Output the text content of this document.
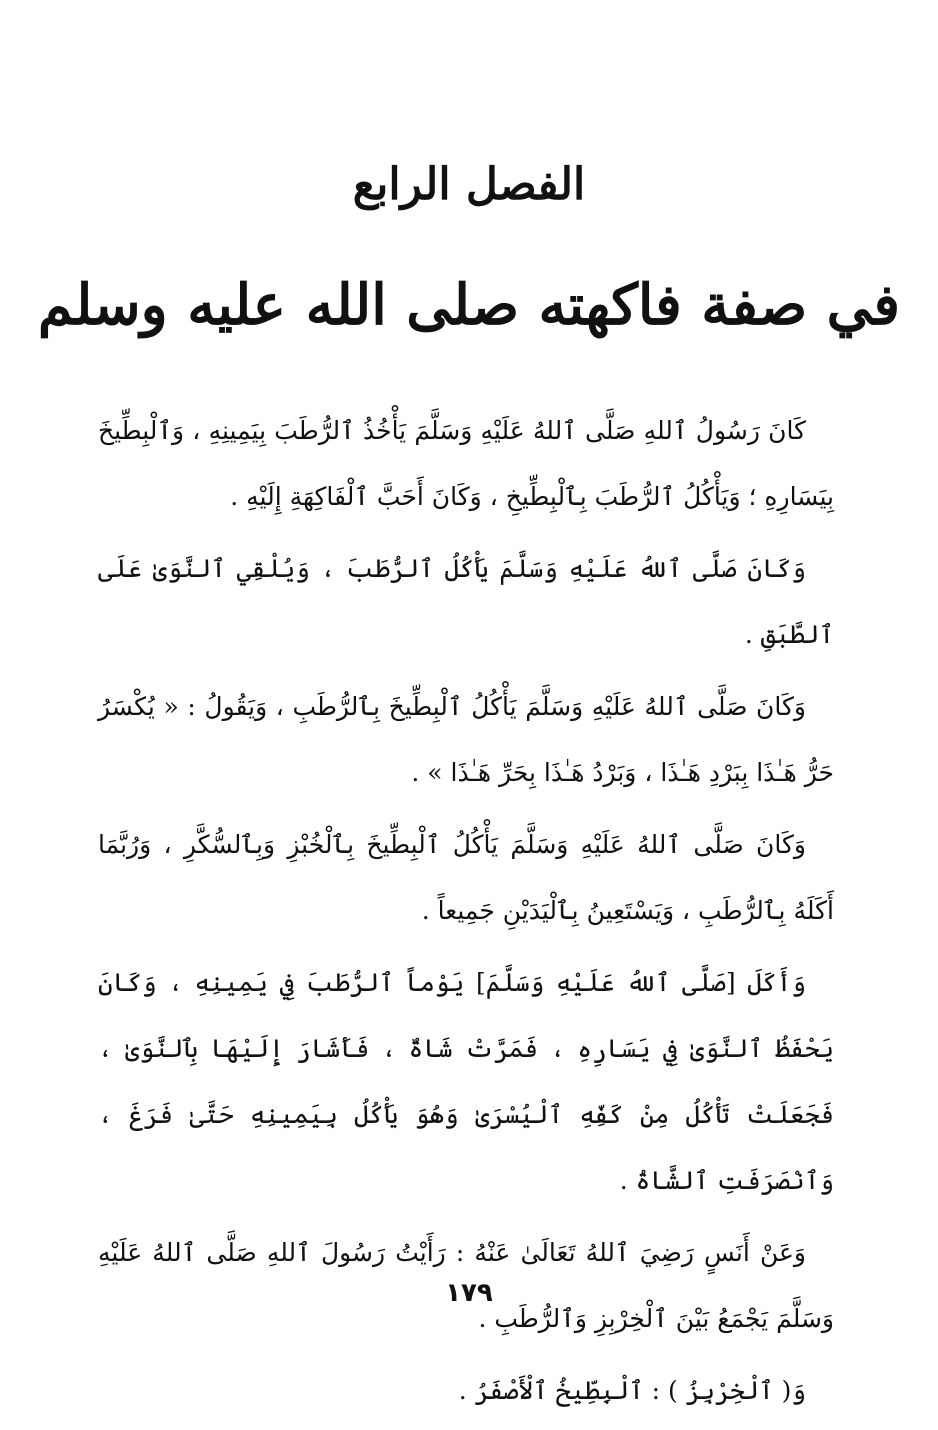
الفصل الرابع
في صفة فاكهته صلى الله عليه وسلم

كَانَ رَسُولُ ٱللهِ صَلَّى ٱللهُ عَلَيْهِ وَسَلَّمَ يَأْخُذُ ٱلرُّطَبَ بِيَمِينِهِ ، وَٱلْبِطِّيخَ بِيَسَارِهِ ؛ وَيَأْكُلُ ٱلرُّطَبَ بِٱلْبِطِّيخِ ، وَكَانَ أَحَبَّ ٱلْفَاكِهَةِ إِلَيْهِ .

وَكَانَ صَلَّى ٱللهُ عَلَيْهِ وَسَلَّمَ يَأْكُلُ ٱلرُّطَبَ ، وَيُلْقِي ٱلنَّوَىٰ عَلَى ٱلطَّبَقِ .

وَكَانَ صَلَّى ٱللهُ عَلَيْهِ وَسَلَّمَ يَأْكُلُ ٱلْبِطِّيخَ بِٱلرُّطَبِ ، وَيَقُولُ : « يُكْسَرُ حَرُّ هَـٰذَا بِبَرْدِ هَـٰذَا ، وَبَرْدُ هَـٰذَا بِحَرِّ هَـٰذَا » .

وَكَانَ صَلَّى ٱللهُ عَلَيْهِ وَسَلَّمَ يَأْكُلُ ٱلْبِطِّيخَ بِٱلْخُبْزِ وَبِٱلسُّكَّرِ ، وَرُبَّمَا أَكَلَهُ بِٱلرُّطَبِ ، وَيَسْتَعِينُ بِٱلْيَدَيْنِ جَمِيعاً .

وَأَكَلَ [صَلَّى ٱللهُ عَلَيْهِ وَسَلَّمَ] يَوْماً ٱلرُّطَبَ فِي يَمِينِهِ ، وَكَانَ يَحْفَظُ ٱلنَّوَىٰ فِي يَسَارِهِ ، فَمَرَّتْ شَاةٌ ، فَأَشَارَ إِلَيْهَا بِٱلنَّوَىٰ ، فَجَعَلَتْ تَأْكُلُ مِنْ كَفِّهِ ٱلْيُسْرَىٰ وَهُوَ يَأْكُلُ بِيَمِينِهِ حَتَّىٰ فَرَغَ ، وَٱنْصَرَفَتِ ٱلشَّاةُ .

وَعَنْ أَنَسٍ رَضِيَ ٱللهُ تَعَالَىٰ عَنْهُ : رَأَيْتُ رَسُولَ ٱللهِ صَلَّى ٱللهُ عَلَيْهِ وَسَلَّمَ يَجْمَعُ بَيْنَ ٱلْخِرْبِزِ وَٱلرُّطَبِ .

وَ( ٱلْخِرْبِزُ ) : ٱلْبِطِّيخُ ٱلْأَصْفَرُ .

١٧٩
